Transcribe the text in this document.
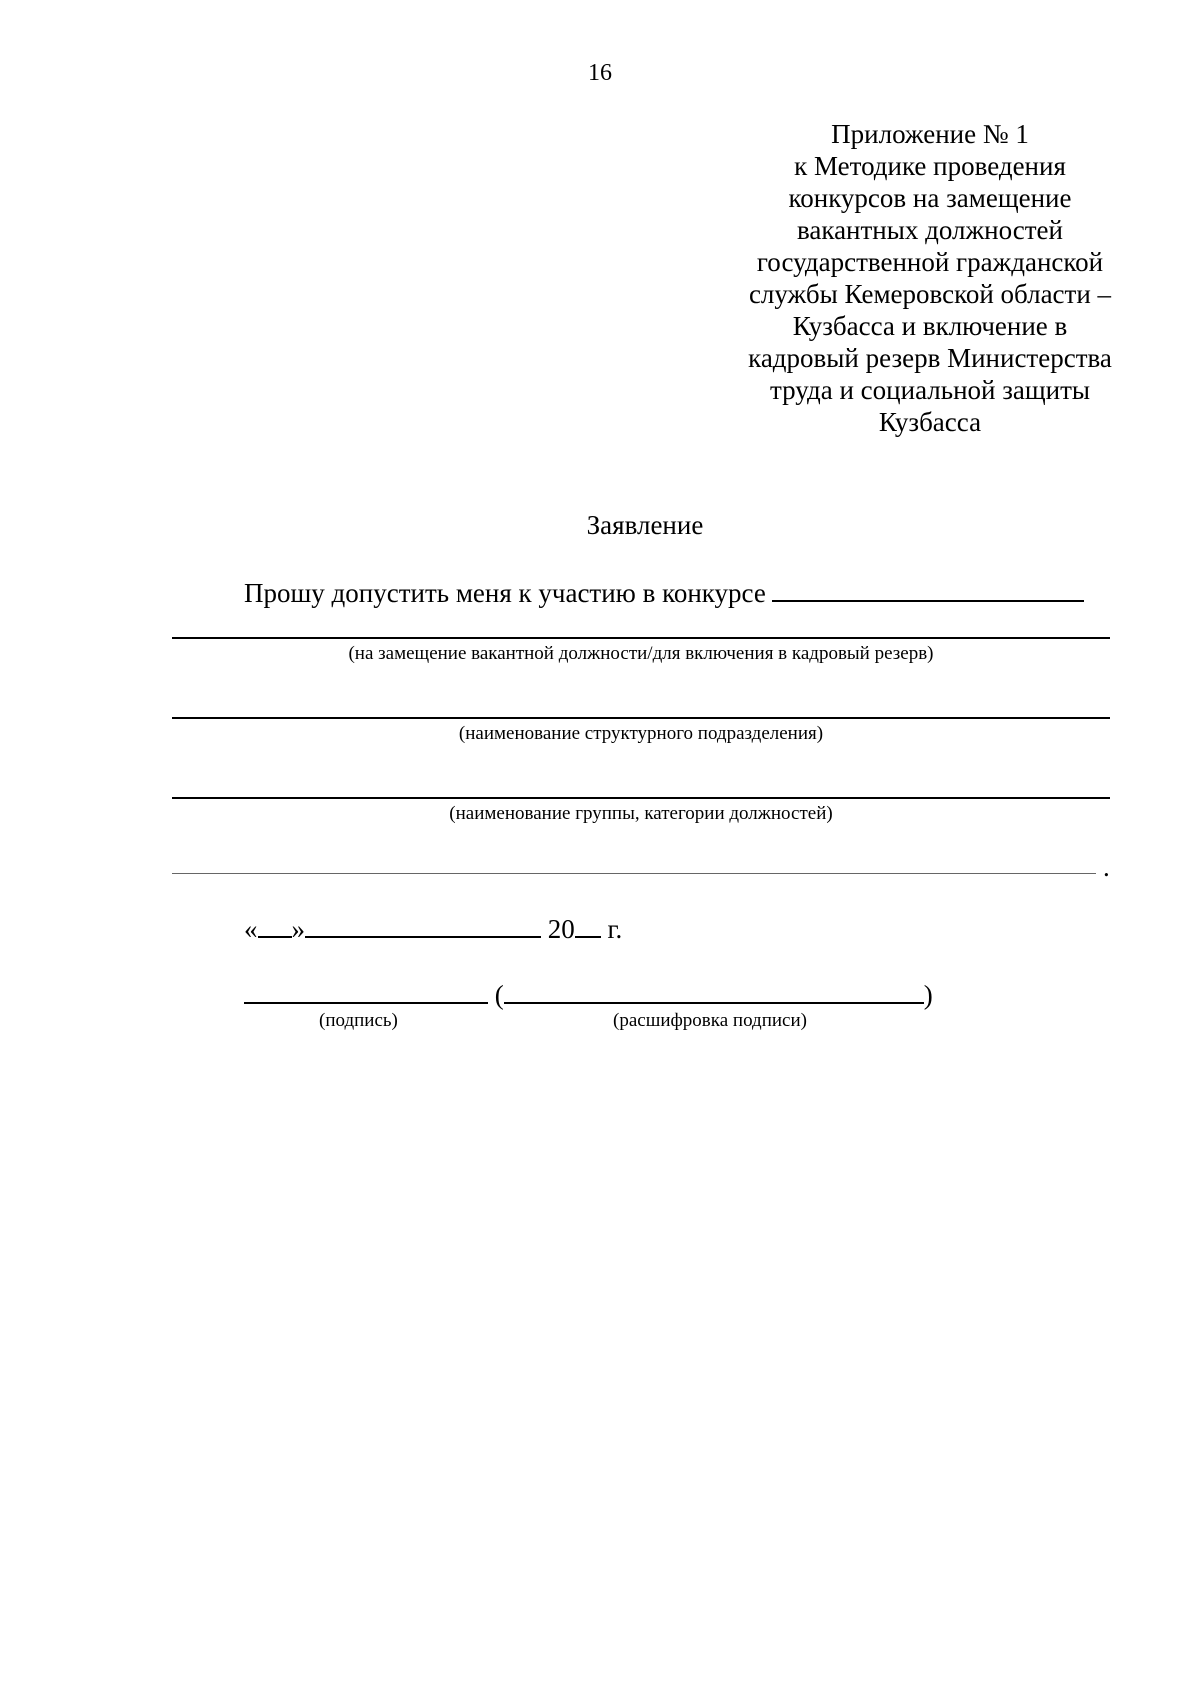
16
Приложение № 1
к Методике проведения
конкурсов на замещение
вакантных должностей
государственной гражданской
службы Кемеровской области –
Кузбасса и включение в
кадровый резерв Министерства
труда и социальной защиты
Кузбасса
Заявление
Прошу допустить меня к участию в конкурсе
(на замещение вакантной должности/для включения в кадровый резерв)
(наименование структурного подразделения)
(наименование группы, категории должностей)
.
« »	20 г.
(	)
(подпись)	(расшифровка подписи)
